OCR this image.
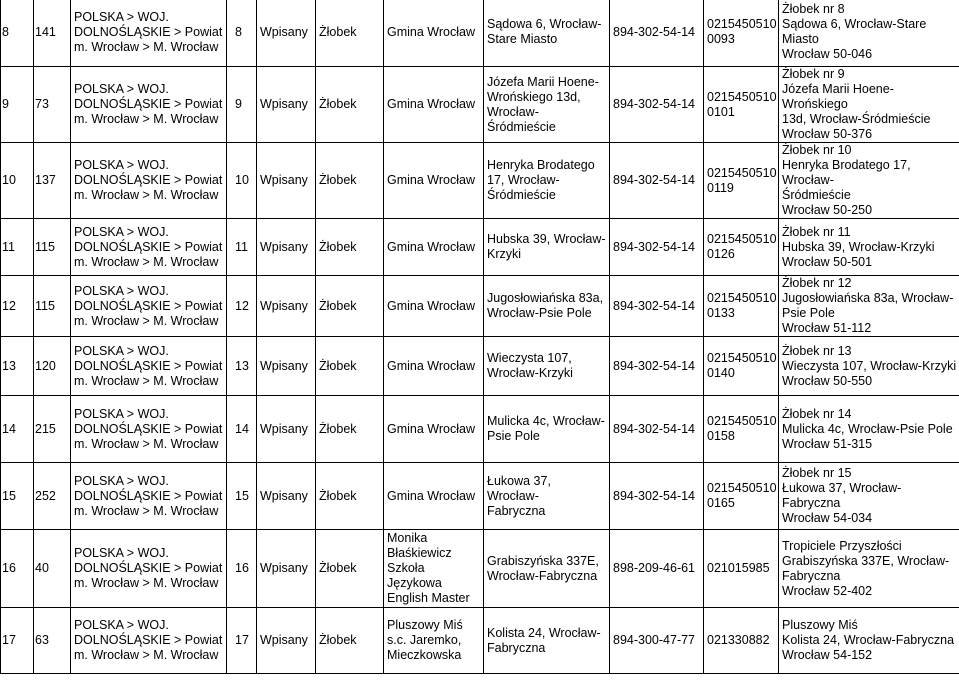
8	141	POLSKA > WOJ.
DOLNOŚLĄSKIE > Powiat
m. Wrocław > M. Wrocław	8	Wpisany	Żłobek	Gmina Wrocław	Sądowa 6, Wrocław-
Stare Miasto	894-302-54-14	0215450510
0093	Żłobek nr 8
Sądowa 6, Wrocław-Stare
Miasto
Wrocław 50-046
9	73	POLSKA > WOJ.
DOLNOŚLĄSKIE > Powiat
m. Wrocław > M. Wrocław	9	Wpisany	Żłobek	Gmina Wrocław	Józefa Marii Hoene-
Wrońskiego 13d,
Wrocław-Śródmieście	894-302-54-14	0215450510
0101	Żłobek nr 9
Józefa Marii Hoene-Wrońskiego
13d, Wrocław-Śródmieście
Wrocław 50-376
10	137	POLSKA > WOJ.
DOLNOŚLĄSKIE > Powiat
m. Wrocław > M. Wrocław	10	Wpisany	Żłobek	Gmina Wrocław	Henryka Brodatego
17, Wrocław-
Śródmieście	894-302-54-14	0215450510
0119	Żłobek nr 10
Henryka Brodatego 17, Wrocław-
Śródmieście
Wrocław 50-250
11	115	POLSKA > WOJ.
DOLNOŚLĄSKIE > Powiat
m. Wrocław > M. Wrocław	11	Wpisany	Żłobek	Gmina Wrocław	Hubska 39, Wrocław-
Krzyki	894-302-54-14	0215450510
0126	Żłobek nr 11
Hubska 39, Wrocław-Krzyki
Wrocław 50-501
12	115	POLSKA > WOJ.
DOLNOŚLĄSKIE > Powiat
m. Wrocław > M. Wrocław	12	Wpisany	Żłobek	Gmina Wrocław	Jugosłowiańska 83a,
Wrocław-Psie Pole	894-302-54-14	0215450510
0133	Żłobek nr 12
Jugosłowiańska 83a, Wrocław-
Psie Pole
Wrocław 51-112
13	120	POLSKA > WOJ.
DOLNOŚLĄSKIE > Powiat
m. Wrocław > M. Wrocław	13	Wpisany	Żłobek	Gmina Wrocław	Wieczysta 107,
Wrocław-Krzyki	894-302-54-14	0215450510
0140	Żłobek nr 13
Wieczysta 107, Wrocław-Krzyki
Wrocław 50-550
14	215	POLSKA > WOJ.
DOLNOŚLĄSKIE > Powiat
m. Wrocław > M. Wrocław	14	Wpisany	Żłobek	Gmina Wrocław	Mulicka 4c, Wrocław-
Psie Pole	894-302-54-14	0215450510
0158	Żłobek nr 14
Mulicka 4c, Wrocław-Psie Pole
Wrocław 51-315
15	252	POLSKA > WOJ.
DOLNOŚLĄSKIE > Powiat
m. Wrocław > M. Wrocław	15	Wpisany	Żłobek	Gmina Wrocław	Łukowa 37, Wrocław-
Fabryczna	894-302-54-14	0215450510
0165	Żłobek nr 15
Łukowa 37, Wrocław-Fabryczna
Wrocław 54-034
16	40	POLSKA > WOJ.
DOLNOŚLĄSKIE > Powiat
m. Wrocław > M. Wrocław	16	Wpisany	Żłobek	Monika
Błaśkiewicz
Szkoła Językowa
English Master	Grabiszyńska 337E,
Wrocław-Fabryczna	898-209-46-61	021015985	Tropiciele Przyszłości
Grabiszyńska 337E, Wrocław-
Fabryczna
Wrocław 52-402
17	63	POLSKA > WOJ.
DOLNOŚLĄSKIE > Powiat
m. Wrocław > M. Wrocław	17	Wpisany	Żłobek	Pluszowy Miś
s.c. Jaremko,
Mieczkowska	Kolista 24, Wrocław-
Fabryczna	894-300-47-77	021330882	Pluszowy Miś
Kolista 24, Wrocław-Fabryczna
Wrocław 54-152
